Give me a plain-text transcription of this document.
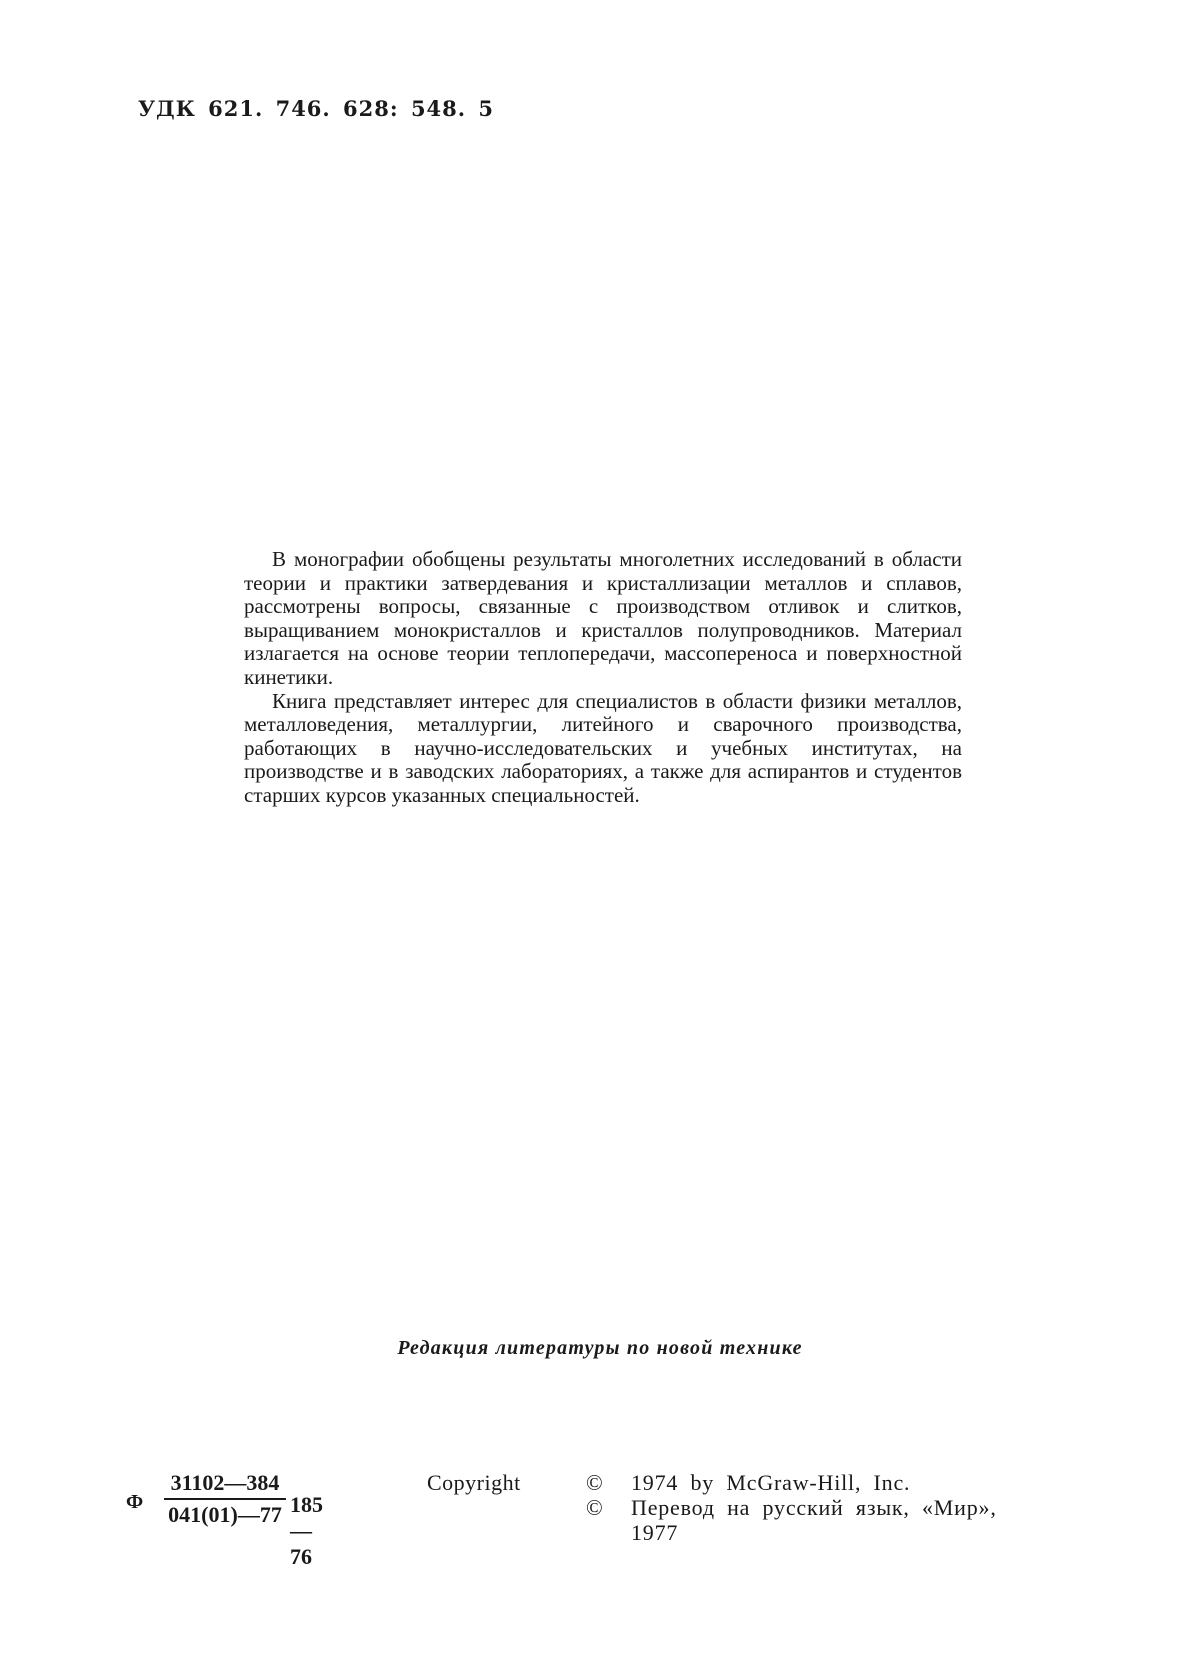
УДК 621. 746. 628: 548. 5

В монографии обобщены результаты многолетних исследований в области теории и практики затвердевания и кристаллизации металлов и сплавов, рассмотрены вопросы, связанные с производством отливок и слитков, выращиванием монокристаллов и кристаллов полупроводников. Материал излагается на основе теории теплопередачи, массопереноса и поверхностной кинетики.

Книга представляет интерес для специалистов в области физики металлов, металловедения, металлургии, литейного и сварочного производства, работающих в научно-исследовательских и учебных институтах, на производстве и в заводских лабораториях, а также для аспирантов и студентов старших курсов указанных специальностей.

Редакция литературы по новой технике
Ф $\frac{31102—384}{041(01)—77}$ 185—76
Copyright	©	1974 by McGraw-Hill, Inc.
©	Перевод на русский язык, «Мир»,
1977
